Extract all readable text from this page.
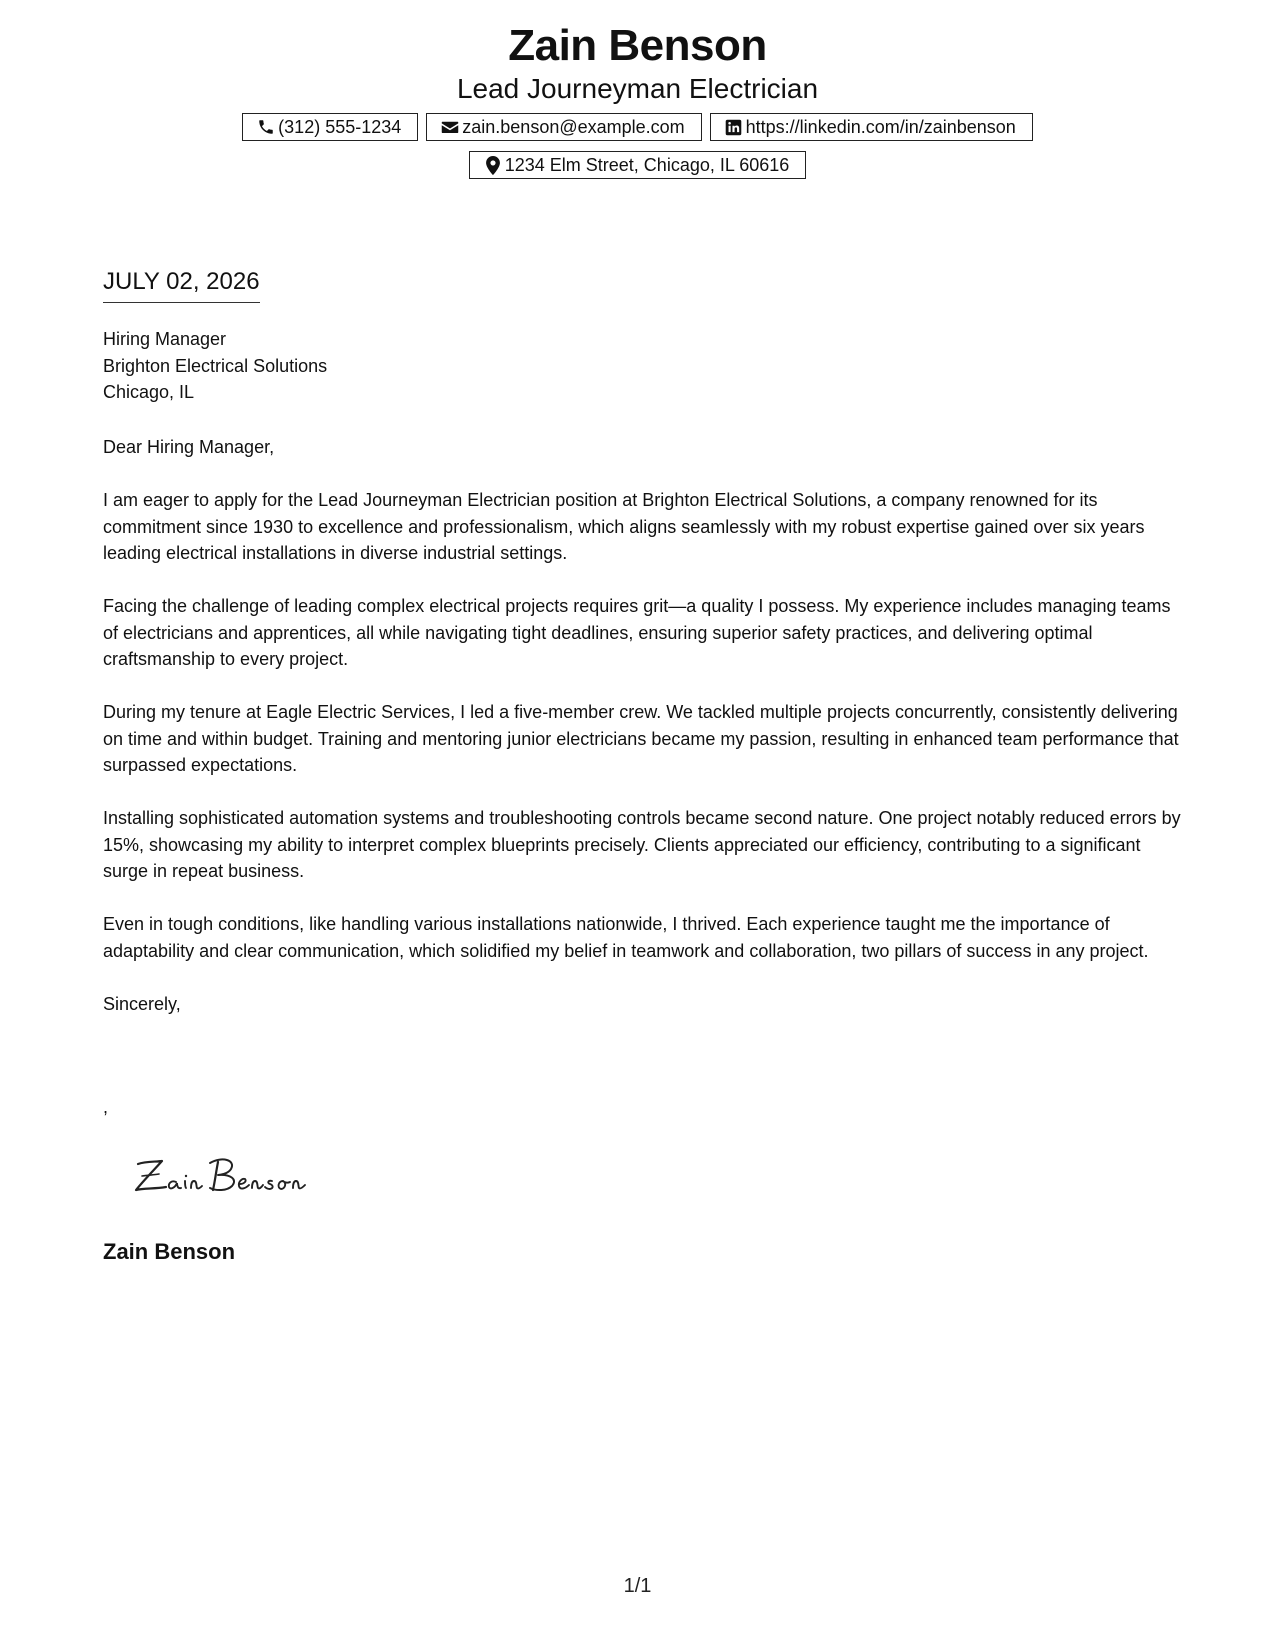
Zain Benson
Lead Journeyman Electrician
(312) 555-1234	zain.benson@example.com	https://linkedin.com/in/zainbenson
1234 Elm Street, Chicago, IL 60616
JULY 02, 2026
Hiring Manager
Brighton Electrical Solutions
Chicago, IL

Dear Hiring Manager,

I am eager to apply for the Lead Journeyman Electrician position at Brighton Electrical Solutions, a company renowned for its commitment since 1930 to excellence and professionalism, which aligns seamlessly with my robust expertise gained over six years leading electrical installations in diverse industrial settings.

Facing the challenge of leading complex electrical projects requires grit—a quality I possess. My experience includes managing teams of electricians and apprentices, all while navigating tight deadlines, ensuring superior safety practices, and delivering optimal craftsmanship to every project.

During my tenure at Eagle Electric Services, I led a five-member crew. We tackled multiple projects concurrently, consistently delivering on time and within budget. Training and mentoring junior electricians became my passion, resulting in enhanced team performance that surpassed expectations.

Installing sophisticated automation systems and troubleshooting controls became second nature. One project notably reduced errors by 15%, showcasing my ability to interpret complex blueprints precisely. Clients appreciated our efficiency, contributing to a significant surge in repeat business.

Even in tough conditions, like handling various installations nationwide, I thrived. Each experience taught me the importance of adaptability and clear communication, which solidified my belief in teamwork and collaboration, two pillars of success in any project.

Sincerely,

,
Zain Benson
1/1
